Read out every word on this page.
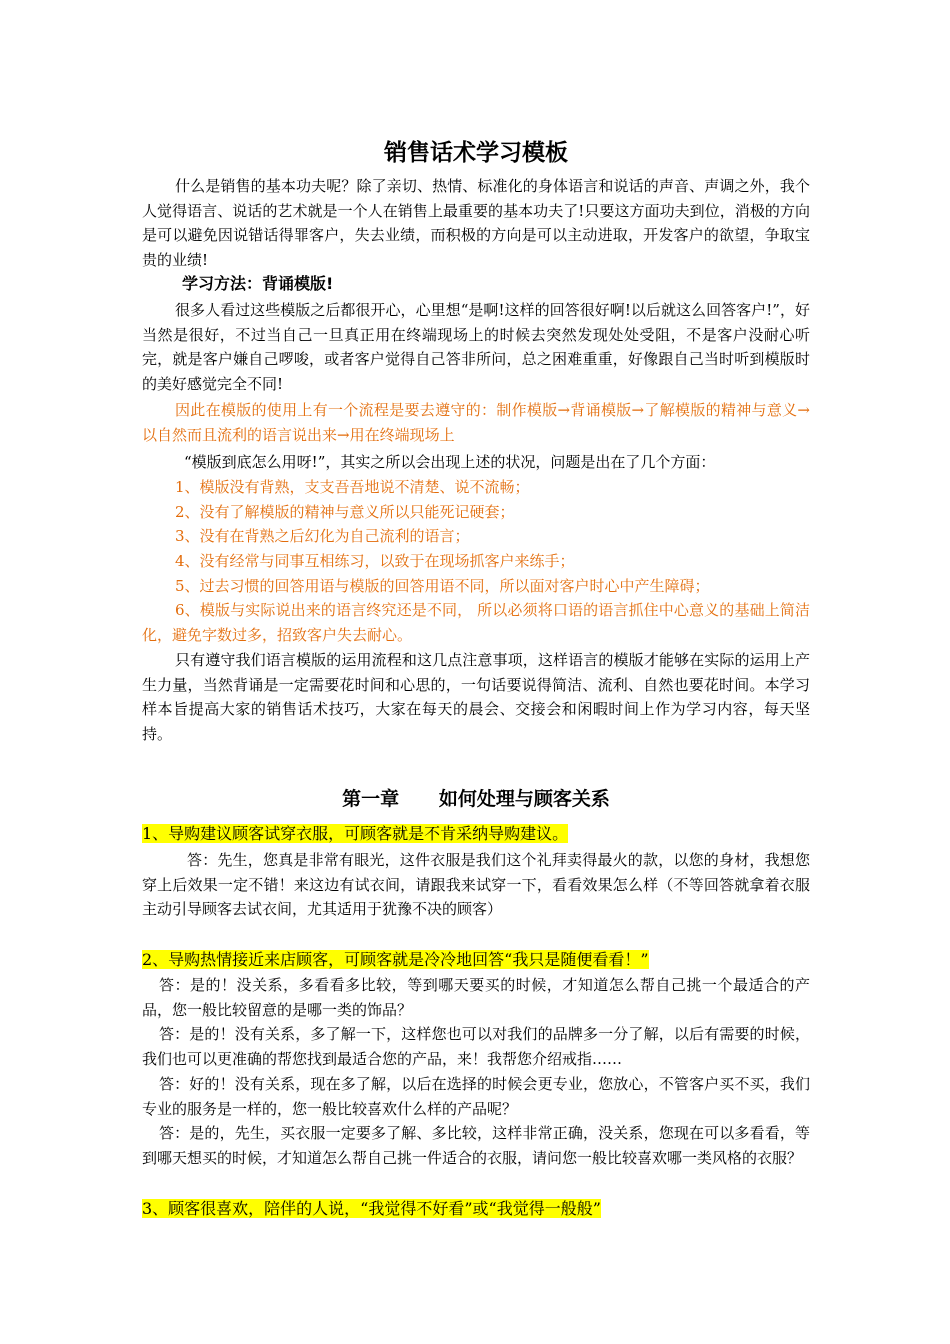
销售话术学习模板
什么是销售的基本功夫呢？除了亲切、热情、标准化的身体语言和说话的声音、声调之外，我个人觉得语言、说话的艺术就是一个人在销售上最重要的基本功夫了!只要这方面功夫到位，消极的方向是可以避免因说错话得罪客户，失去业绩，而积极的方向是可以主动进取，开发客户的欲望，争取宝贵的业绩!
学习方法：背诵模版!
很多人看过这些模版之后都很开心，心里想“是啊!这样的回答很好啊!以后就这么回答客户!”，好当然是很好，不过当自己一旦真正用在终端现场上的时候去突然发现处处受阻，不是客户没耐心听完，就是客户嫌自己啰唆，或者客户觉得自己答非所问，总之困难重重，好像跟自己当时听到模版时的美好感觉完全不同!
因此在模版的使用上有一个流程是要去遵守的：制作模版→背诵模版→了解模版的精神与意义→以自然而且流利的语言说出来→用在终端现场上
“模版到底怎么用呀!”，其实之所以会出现上述的状况，问题是出在了几个方面：
1、模版没有背熟，支支吾吾地说不清楚、说不流畅；
2、没有了解模版的精神与意义所以只能死记硬套；
3、没有在背熟之后幻化为自己流利的语言；
4、没有经常与同事互相练习，以致于在现场抓客户来练手；
5、过去习惯的回答用语与模版的回答用语不同，所以面对客户时心中产生障碍；
6、模版与实际说出来的语言终究还是不同， 所以必须将口语的语言抓住中心意义的基础上简洁化，避免字数过多，招致客户失去耐心。
只有遵守我们语言模版的运用流程和这几点注意事项，这样语言的模版才能够在实际的运用上产生力量，当然背诵是一定需要花时间和心思的，一句话要说得简洁、流利、自然也要花时间。本学习样本旨提高大家的销售话术技巧，大家在每天的晨会、交接会和闲暇时间上作为学习内容，每天坚持。
第一章      如何处理与顾客关系
1、导购建议顾客试穿衣服，可顾客就是不肯采纳导购建议。
答：先生，您真是非常有眼光，这件衣服是我们这个礼拜卖得最火的款，以您的身材，我想您穿上后效果一定不错！来这边有试衣间，请跟我来试穿一下，看看效果怎么样（不等回答就拿着衣服主动引导顾客去试衣间，尤其适用于犹豫不决的顾客）
2、导购热情接近来店顾客，可顾客就是冷冷地回答“我只是随便看看！”
答：是的！没关系，多看看多比较，等到哪天要买的时候，才知道怎么帮自己挑一个最适合的产品，您一般比较留意的是哪一类的饰品？
答：是的！没有关系，多了解一下，这样您也可以对我们的品牌多一分了解，以后有需要的时候，我们也可以更准确的帮您找到最适合您的产品，来！我帮您介绍戒指……
答：好的！没有关系，现在多了解，以后在选择的时候会更专业，您放心，不管客户买不买，我们专业的服务是一样的，您一般比较喜欢什么样的产品呢？
答：是的，先生，买衣服一定要多了解、多比较，这样非常正确，没关系，您现在可以多看看，等到哪天想买的时候，才知道怎么帮自己挑一件适合的衣服，请问您一般比较喜欢哪一类风格的衣服？
3、顾客很喜欢，陪伴的人说，“我觉得不好看”或“我觉得一般般”
